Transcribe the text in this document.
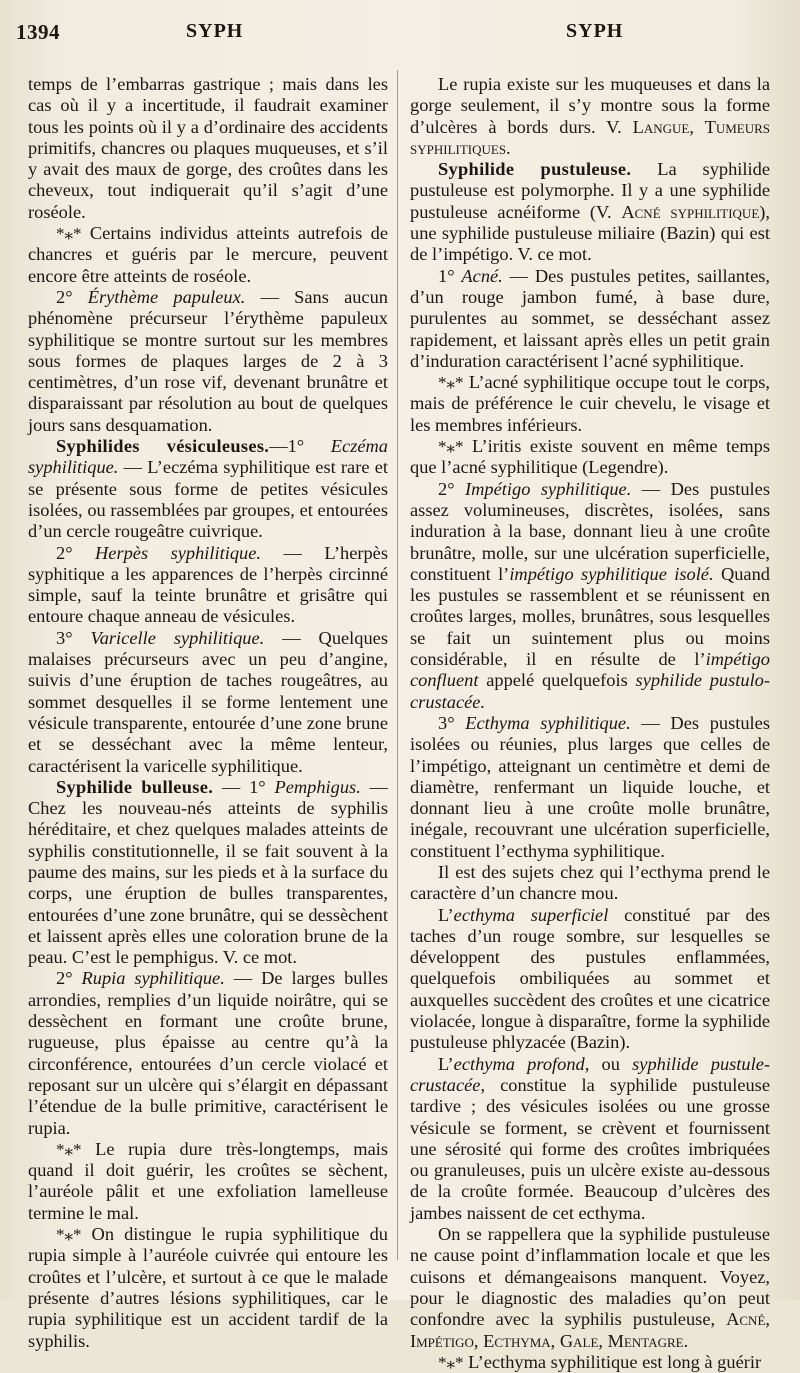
1394	SYPH	SYPH

temps de l’embarras gastrique ; mais dans les cas où il y a incertitude, il faudrait examiner tous les points où il y a d’ordinaire des accidents primitifs, chancres ou plaques muqueuses, et s’il y avait des maux de gorge, des croûtes dans les cheveux, tout indiquerait qu’il s’agit d’une roséole.

*⁎* Certains individus atteints autrefois de chancres et guéris par le mercure, peuvent encore être atteints de roséole.

2° Érythème papuleux. — Sans aucun phénomène précurseur l’érythème papuleux syphilitique se montre surtout sur les membres sous formes de plaques larges de 2 à 3 centimètres, d’un rose vif, devenant brunâtre et disparaissant par résolution au bout de quelques jours sans desquamation.

Syphilides vésiculeuses.—1° Eczéma syphilitique. — L’eczéma syphilitique est rare et se présente sous forme de petites vésicules isolées, ou rassemblées par groupes, et entourées d’un cercle rougeâtre cuivrique.

2° Herpès syphilitique. — L’herpès syphitique a les apparences de l’herpès circinné simple, sauf la teinte brunâtre et grisâtre qui entoure chaque anneau de vésicules.

3° Varicelle syphilitique. — Quelques malaises précurseurs avec un peu d’angine, suivis d’une éruption de taches rougeâtres, au sommet desquelles il se forme lentement une vésicule transparente, entourée d’une zone brune et se desséchant avec la même lenteur, caractérisent la varicelle syphilitique.

Syphilide bulleuse. — 1° Pemphigus. — Chez les nouveau-nés atteints de syphilis héréditaire, et chez quelques malades atteints de syphilis constitutionnelle, il se fait souvent à la paume des mains, sur les pieds et à la surface du corps, une éruption de bulles transparentes, entourées d’une zone brunâtre, qui se dessèchent et laissent après elles une coloration brune de la peau. C’est le pemphigus. V. ce mot.

2° Rupia syphilitique. — De larges bulles arrondies, remplies d’un liquide noirâtre, qui se dessèchent en formant une croûte brune, rugueuse, plus épaisse au centre qu’à la circonférence, entourées d’un cercle violacé et reposant sur un ulcère qui s’élargit en dépassant l’étendue de la bulle primitive, caractérisent le rupia.

*⁎* Le rupia dure très-longtemps, mais quand il doit guérir, les croûtes se sèchent, l’auréole pâlit et une exfoliation lamelleuse termine le mal.

*⁎* On distingue le rupia syphilitique du rupia simple à l’auréole cuivrée qui entoure les croûtes et l’ulcère, et surtout à ce que le malade présente d’autres lésions syphilitiques, car le rupia syphilitique est un accident tardif de la syphilis.

Le rupia existe sur les muqueuses et dans la gorge seulement, il s’y montre sous la forme d’ulcères à bords durs. V. Langue, Tumeurs syphilitiques.

Syphilide pustuleuse. La syphilide pustuleuse est polymorphe. Il y a une syphilide pustuleuse acnéiforme (V. Acné syphilitique), une syphilide pustuleuse miliaire (Bazin) qui est de l’impétigo. V. ce mot.

1° Acné. — Des pustules petites, saillantes, d’un rouge jambon fumé, à base dure, purulentes au sommet, se desséchant assez rapidement, et laissant après elles un petit grain d’induration caractérisent l’acné syphilitique.

*⁎* L’acné syphilitique occupe tout le corps, mais de préférence le cuir chevelu, le visage et les membres inférieurs.

*⁎* L’iritis existe souvent en même temps que l’acné syphilitique (Legendre).

2° Impétigo syphilitique. — Des pustules assez volumineuses, discrètes, isolées, sans induration à la base, donnant lieu à une croûte brunâtre, molle, sur une ulcération superficielle, constituent l’impétigo syphilitique isolé. Quand les pustules se rassemblent et se réunissent en croûtes larges, molles, brunâtres, sous lesquelles se fait un suintement plus ou moins considérable, il en résulte de l’impétigo confluent appelé quelquefois syphilide pustulo-crustacée.

3° Ecthyma syphilitique. — Des pustules isolées ou réunies, plus larges que celles de l’impétigo, atteignant un centimètre et demi de diamètre, renfermant un liquide louche, et donnant lieu à une croûte molle brunâtre, inégale, recouvrant une ulcération superficielle, constituent l’ecthyma syphilitique.

Il est des sujets chez qui l’ecthyma prend le caractère d’un chancre mou.

L’ecthyma superficiel constitué par des taches d’un rouge sombre, sur lesquelles se développent des pustules enflammées, quelquefois ombiliquées au sommet et auxquelles succèdent des croûtes et une cicatrice violacée, longue à disparaître, forme la syphilide pustuleuse phlyzacée (Bazin).

L’ecthyma profond, ou syphilide pustule-crustacée, constitue la syphilide pustuleuse tardive ; des vésicules isolées ou une grosse vésicule se forment, se crèvent et fournissent une sérosité qui forme des croûtes imbriquées ou granuleuses, puis un ulcère existe au-dessous de la croûte formée. Beaucoup d’ulcères des jambes naissent de cet ecthyma.

On se rappellera que la syphilide pustuleuse ne cause point d’inflammation locale et que les cuisons et démangeaisons manquent. Voyez, pour le diagnostic des maladies qu’on peut confondre avec la syphilis pustuleuse, Acné, Impétigo, Ecthyma, Gale, Mentagre.

*⁎* L’ecthyma syphilitique est long à guérir
